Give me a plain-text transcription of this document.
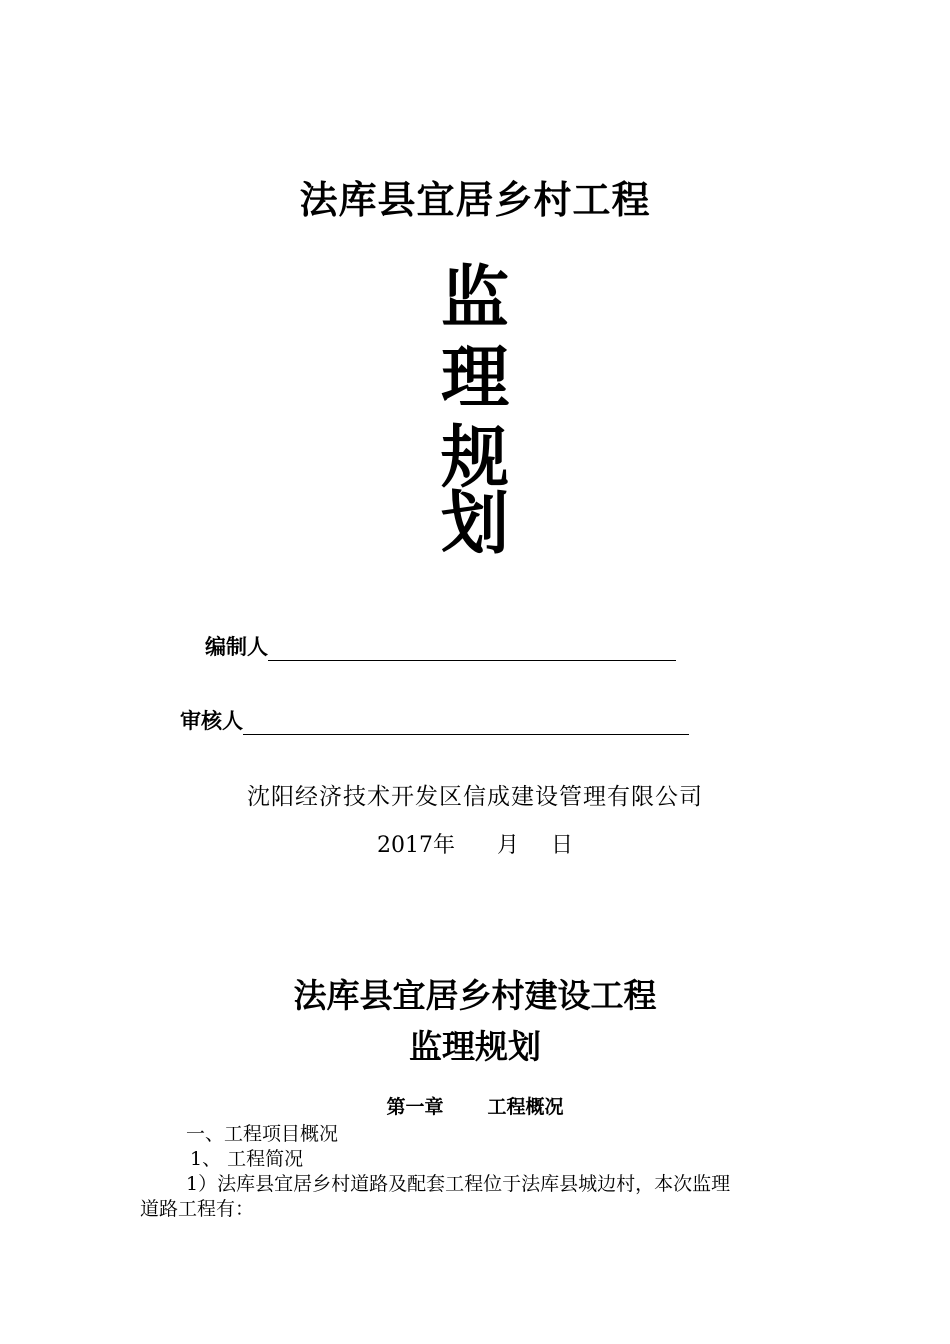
法库县宜居乡村工程
监
理
规
划
编制人
审核人
沈阳经济技术开发区信成建设管理有限公司
2017年 月 日
法库县宜居乡村建设工程
监理规划
第一章 工程概况
一、工程项目概况
1、 工程简况
1）法库县宜居乡村道路及配套工程位于法库县城边村，本次监理
道路工程有：
